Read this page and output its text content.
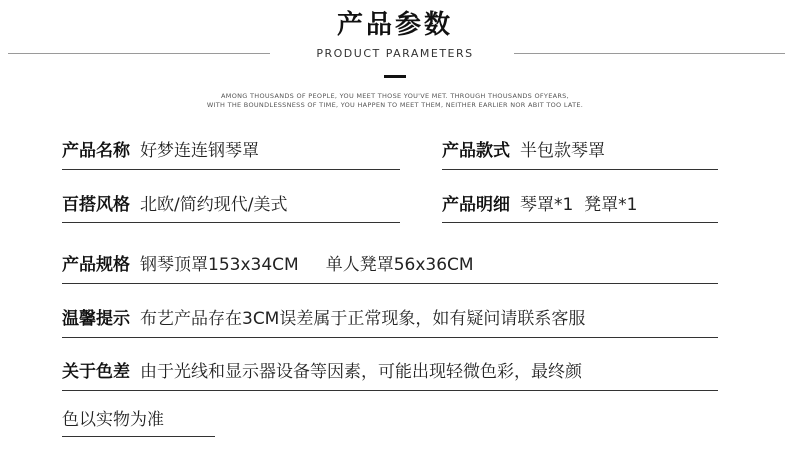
产品参数
PRODUCT PARAMETERS
AMONG THOUSANDS OF PEOPLE, YOU MEET THOSE YOU'VE MET. THROUGH THOUSANDS OFYEARS,
WITH THE BOUNDLESSNESS OF TIME, YOU HAPPEN TO MEET THEM, NEITHER EARLIER NOR ABIT TOO LATE.
产品名称 好梦连连钢琴罩	产品款式 半包款琴罩
百搭风格 北欧/简约现代/美式	产品明细 琴罩*1  凳罩*1
产品规格 钢琴顶罩153x34CM     单人凳罩56x36CM
温馨提示 布艺产品存在3CM误差属于正常现象，如有疑问请联系客服
关于色差 由于光线和显示器设备等因素，可能出现轻微色彩，最终颜
色以实物为准
